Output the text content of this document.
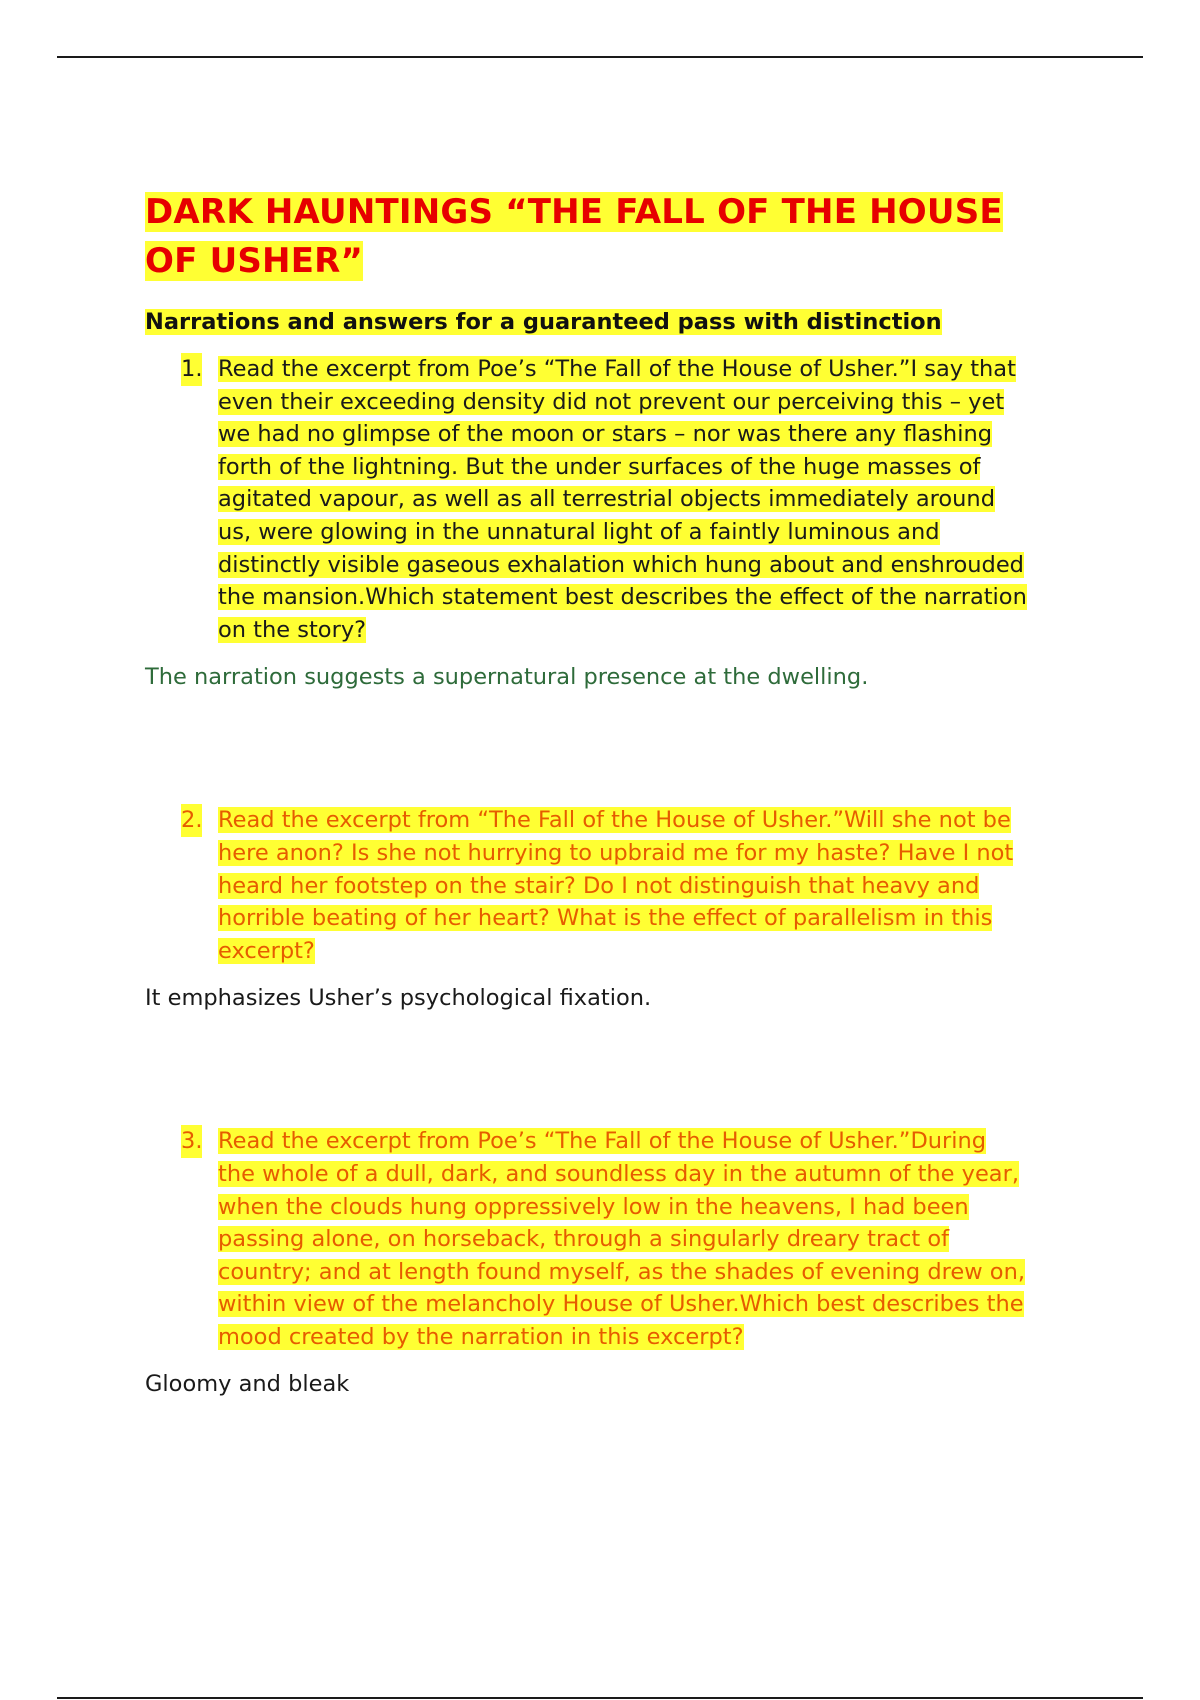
DARK HAUNTINGS “THE FALL OF THE HOUSE
OF USHER”
Narrations and answers for a guaranteed pass with distinction
1. Read the excerpt from Poe’s “The Fall of the House of Usher.”I say that
even their exceeding density did not prevent our perceiving this – yet
we had no glimpse of the moon or stars – nor was there any flashing
forth of the lightning. But the under surfaces of the huge masses of
agitated vapour, as well as all terrestrial objects immediately around
us, were glowing in the unnatural light of a faintly luminous and
distinctly visible gaseous exhalation which hung about and enshrouded
the mansion.Which statement best describes the effect of the narration
on the story?

The narration suggests a supernatural presence at the dwelling.

2. Read the excerpt from “The Fall of the House of Usher.”Will she not be
here anon? Is she not hurrying to upbraid me for my haste? Have I not
heard her footstep on the stair? Do I not distinguish that heavy and
horrible beating of her heart? What is the effect of parallelism in this
excerpt?

It emphasizes Usher’s psychological fixation.

3. Read the excerpt from Poe’s “The Fall of the House of Usher.”During
the whole of a dull, dark, and soundless day in the autumn of the year,
when the clouds hung oppressively low in the heavens, I had been
passing alone, on horseback, through a singularly dreary tract of
country; and at length found myself, as the shades of evening drew on,
within view of the melancholy House of Usher.Which best describes the
mood created by the narration in this excerpt?

Gloomy and bleak
